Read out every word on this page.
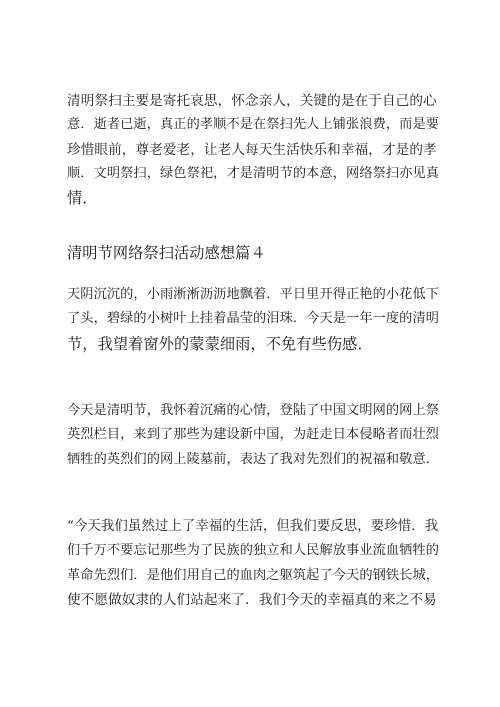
清明祭扫主要是寄托哀思，怀念亲人，关键的是在于自己的心
意．逝者已逝，真正的孝顺不是在祭扫先人上铺张浪费，而是要
珍惜眼前，尊老爱老，让老人每天生活快乐和幸福，才是的孝
顺．文明祭扫，绿色祭祀，才是清明节的本意，网络祭扫亦见真
情．
清明节网络祭扫活动感想篇４
天阴沉沉的，小雨淅淅沥沥地飘着．平日里开得正艳的小花低下
了头，碧绿的小树叶上挂着晶莹的泪珠．今天是一年一度的清明
节，我望着窗外的蒙蒙细雨，不免有些伤感．
今天是清明节，我怀着沉痛的心情，登陆了中国文明网的网上祭
英烈栏目，来到了那些为建设新中国，为赶走日本侵略者而壮烈
牺牲的英烈们的网上陵墓前，表达了我对先烈们的祝福和敬意．
“今天我们虽然过上了幸福的生活，但我们要反思，要珍惜．我
们千万不要忘记那些为了民族的独立和人民解放事业流血牺牲的
革命先烈们．是他们用自己的血肉之躯筑起了今天的钢铁长城，
使不愿做奴隶的人们站起来了．我们今天的幸福真的来之不易
